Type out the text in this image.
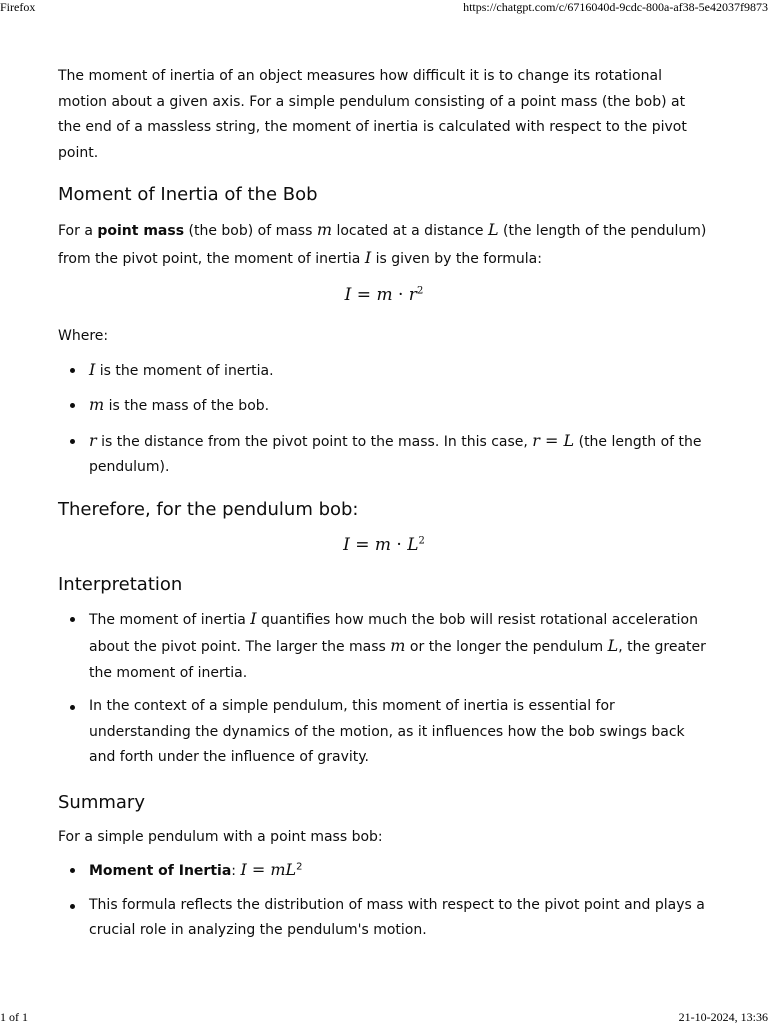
Firefox	https://chatgpt.com/c/6716040d-9cdc-800a-af38-5e42037f9873

The moment of inertia of an object measures how difficult it is to change its rotational motion about a given axis. For a simple pendulum consisting of a point mass (the bob) at the end of a massless string, the moment of inertia is calculated with respect to the pivot point.

Moment of Inertia of the Bob

For a point mass (the bob) of mass m located at a distance L (the length of the pendulum) from the pivot point, the moment of inertia I is given by the formula:

$I = m \cdot r^2$

Where:

I is the moment of inertia.
m is the mass of the bob.
r is the distance from the pivot point to the mass. In this case, r = L (the length of the pendulum).
Therefore, for the pendulum bob:
$I = m \cdot L^2$
Interpretation
The moment of inertia I quantifies how much the bob will resist rotational acceleration about the pivot point. The larger the mass m or the longer the pendulum L, the greater the moment of inertia.
In the context of a simple pendulum, this moment of inertia is essential for understanding the dynamics of the motion, as it influences how the bob swings back and forth under the influence of gravity.
Summary

For a simple pendulum with a point mass bob:

Moment of Inertia: $I = mL^2$
This formula reflects the distribution of mass with respect to the pivot point and plays a crucial role in analyzing the pendulum's motion.
1 of 1	21-10-2024, 13:36
